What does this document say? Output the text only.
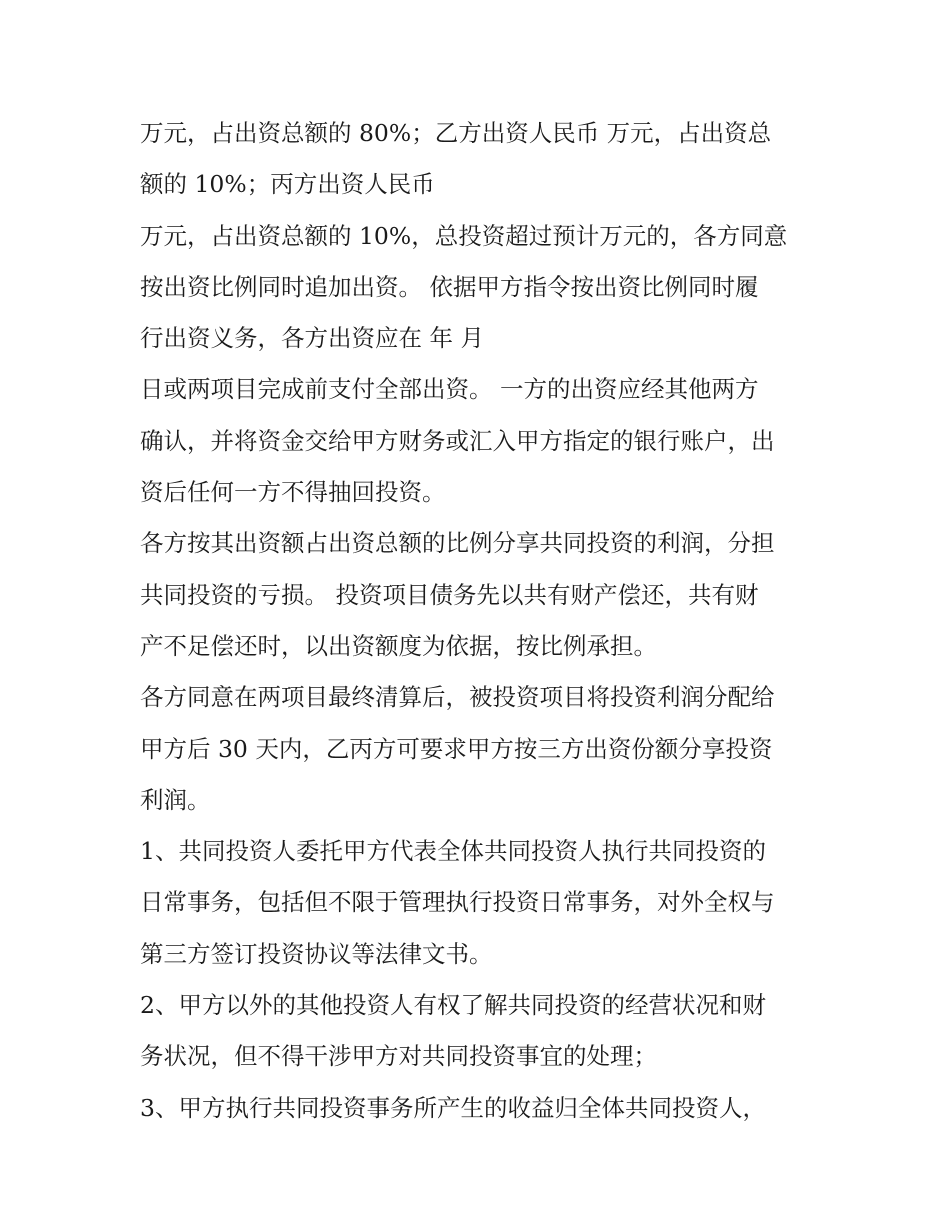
万元，占出资总额的 80%；乙方出资人民币 万元，占出资总
额的 10%；丙方出资人民币
万元，占出资总额的 10%，总投资超过预计万元的，各方同意
按出资比例同时追加出资。 依据甲方指令按出资比例同时履
行出资义务，各方出资应在 年 月
日或两项目完成前支付全部出资。 一方的出资应经其他两方
确认，并将资金交给甲方财务或汇入甲方指定的银行账户，出
资后任何一方不得抽回投资。
各方按其出资额占出资总额的比例分享共同投资的利润，分担
共同投资的亏损。 投资项目债务先以共有财产偿还，共有财
产不足偿还时，以出资额度为依据，按比例承担。
各方同意在两项目最终清算后，被投资项目将投资利润分配给
甲方后 30 天内，乙丙方可要求甲方按三方出资份额分享投资
利润。
1、共同投资人委托甲方代表全体共同投资人执行共同投资的
日常事务，包括但不限于管理执行投资日常事务，对外全权与
第三方签订投资协议等法律文书。
2、甲方以外的其他投资人有权了解共同投资的经营状况和财
务状况，但不得干涉甲方对共同投资事宜的处理；
3、甲方执行共同投资事务所产生的收益归全体共同投资人，
